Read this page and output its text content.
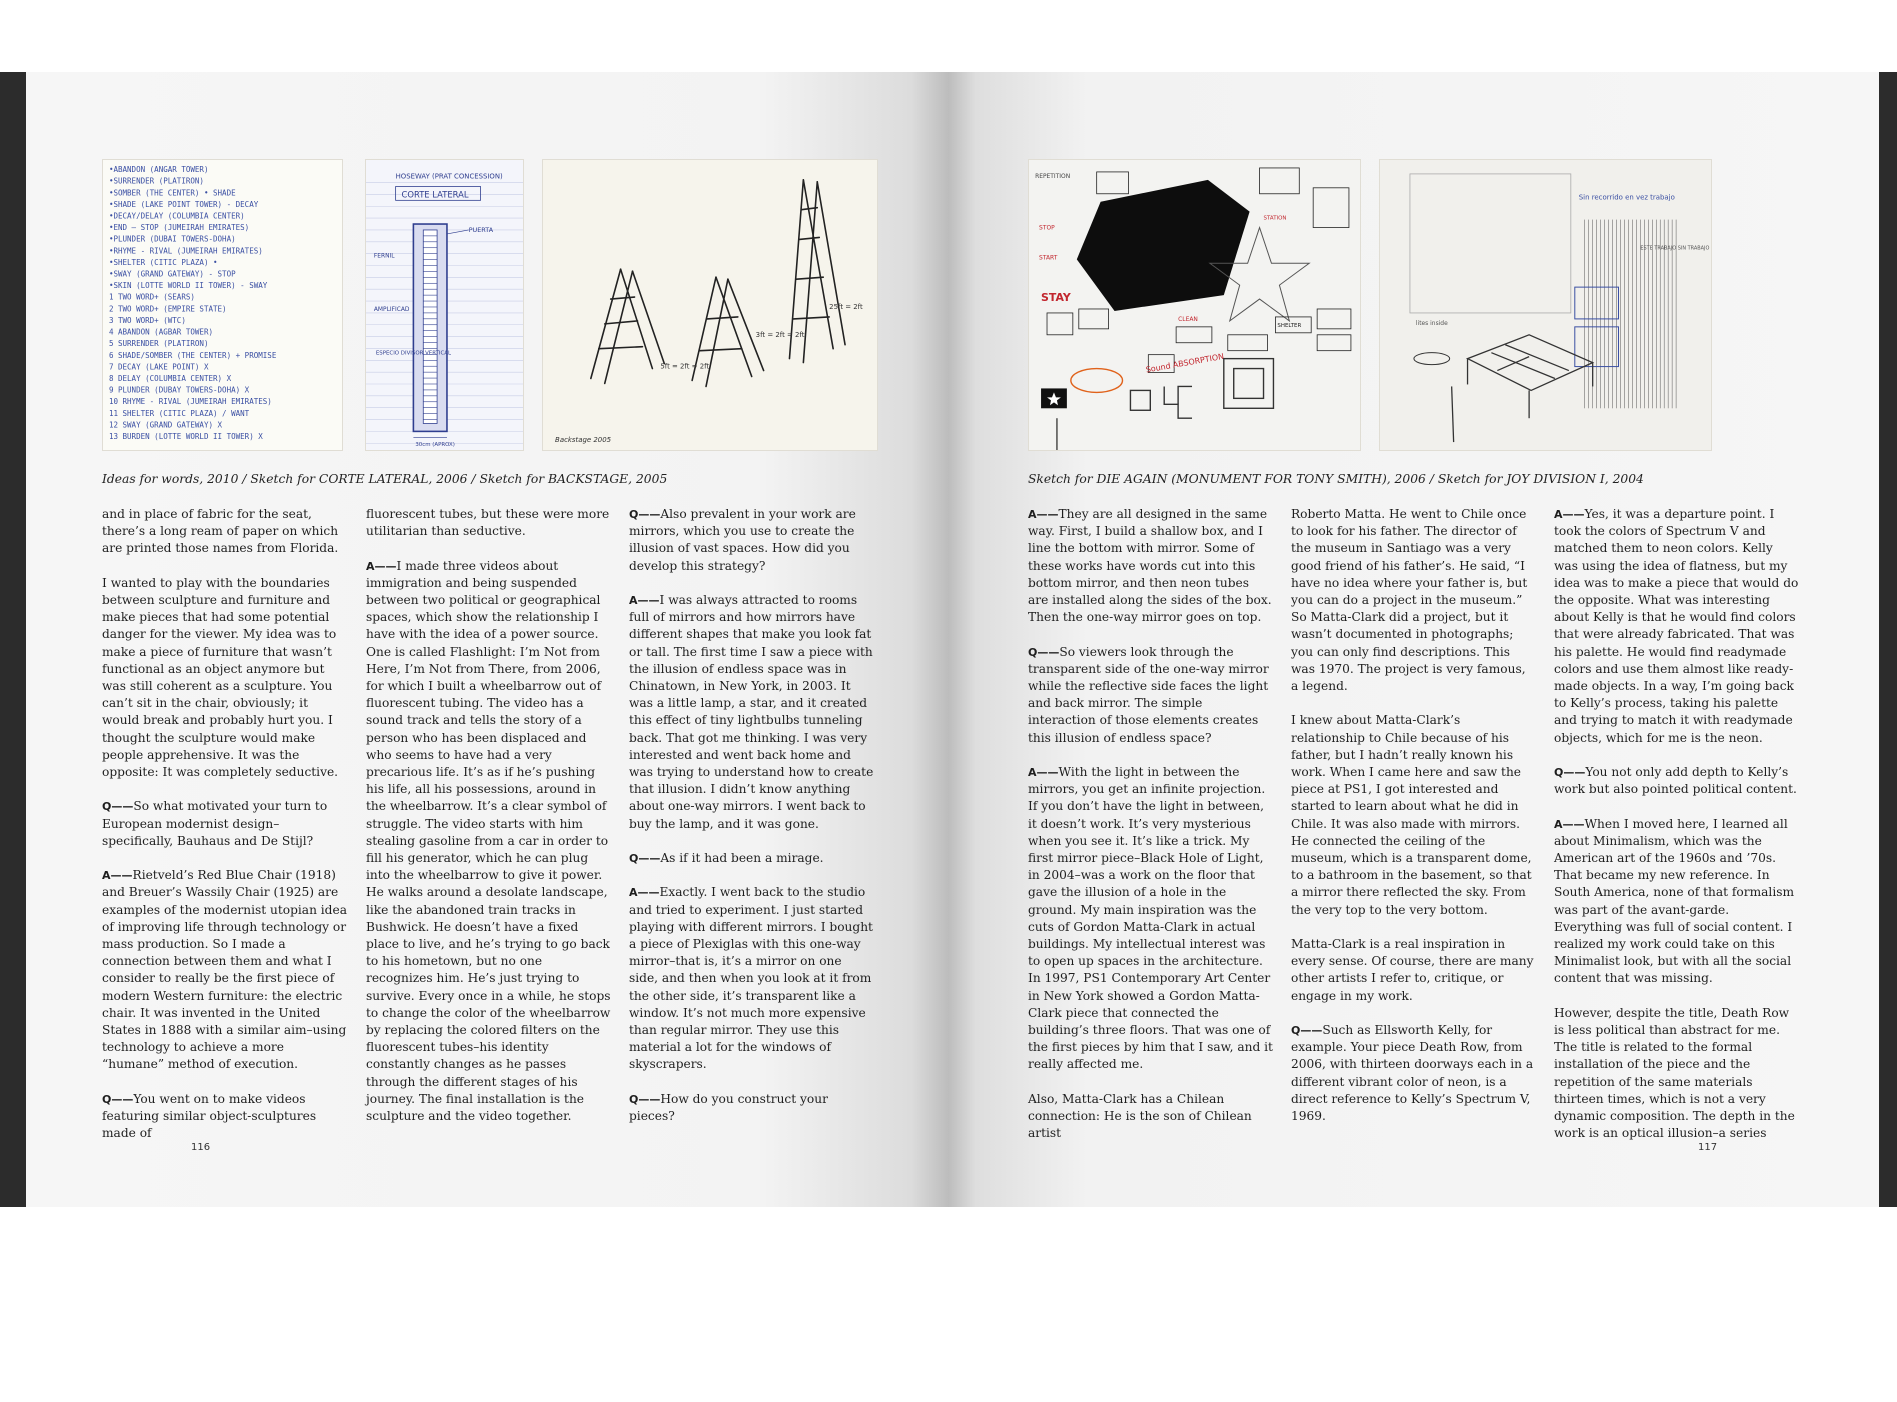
•ABANDON (ANGAR TOWER)
•SURRENDER (PLATIRON)
•SOMBER (THE CENTER) • SHADE
•SHADE (LAKE POINT TOWER) - DECAY
•DECAY/DELAY (COLUMBIA CENTER)
•END — STOP (JUMEIRAH EMIRATES)
•PLUNDER (DUBAI TOWERS-DOHA)
•RHYME - RIVAL (JUMEIRAH EMIRATES)
•SHELTER (CITIC PLAZA) •
•SWAY (GRAND GATEWAY) - STOP
•SKIN (LOTTE WORLD II TOWER) - SWAY
1 TWO WORD+ (SEARS)
2 TWO WORD+ (EMPIRE STATE)
3 TWO WORD+ (WTC)
4 ABANDON (AGBAR TOWER)
5 SURRENDER (PLATIRON)
6 SHADE/SOMBER (THE CENTER) + PROMISE
7 DECAY (LAKE POINT) X
8 DELAY (COLUMBIA CENTER) X
9 PLUNDER (DUBAY TOWERS-DOHA) X
10 RHYME - RIVAL (JUMEIRAH EMIRATES)
11 SHELTER (CITIC PLAZA) / WANT
12 SWAY (GRAND GATEWAY) X
13 BURDEN (LOTTE WORLD II TOWER) X
HOSEWAY (PRAT CONCESSION)
CORTE LATERAL
PUERTA
FERNIL
AMPLIFICAD
ESPECIO DIVISOR VERTICAL
30cm (APROX)
25ft = 2ft
3ft = 2ft = 2ft
5ft = 2ft = 2ft
Backstage 2005
Ideas for words, 2010 / Sketch for CORTE LATERAL, 2006 / Sketch for BACKSTAGE, 2005

and in place of fabric for the seat, there’s a long ream of paper on which are printed those names from Florida.

I wanted to play with the boundaries between sculpture and furniture and make pieces that had some potential danger for the viewer. My idea was to make a piece of furniture that wasn’t functional as an object anymore but was still coherent as a sculpture. You can’t sit in the chair, obviously; it would break and probably hurt you. I thought the sculpture would make people apprehensive. It was the opposite: It was completely seductive.

Q——So what motivated your turn to European modernist design–specifically, Bauhaus and De Stijl?

A——Rietveld’s Red Blue Chair (1918) and Breuer’s Wassily Chair (1925) are examples of the modernist utopian idea of improving life through technology or mass production. So I made a connection between them and what I consider to really be the first piece of modern Western furniture: the electric chair. It was invented in the United States in 1888 with a similar aim–using technology to achieve a more “humane” method of execution.

Q——You went on to make videos featuring similar object-sculptures made of

fluorescent tubes, but these were more utilitarian than seductive.

A——I made three videos about immigration and being suspended between two political or geographical spaces, which show the relationship I have with the idea of a power source. One is called Flashlight: I’m Not from Here, I’m Not from There, from 2006, for which I built a wheelbarrow out of fluorescent tubing. The video has a sound track and tells the story of a person who has been displaced and who seems to have had a very precarious life. It’s as if he’s pushing his life, all his possessions, around in the wheelbarrow. It’s a clear symbol of struggle. The video starts with him stealing gasoline from a car in order to fill his generator, which he can plug into the wheelbarrow to give it power. He walks around a desolate landscape, like the abandoned train tracks in Bushwick. He doesn’t have a fixed place to live, and he’s trying to go back to his hometown, but no one recognizes him. He’s just trying to survive. Every once in a while, he stops to change the color of the wheelbarrow by replacing the colored filters on the fluorescent tubes–his identity constantly changes as he passes through the different stages of his journey. The final installation is the sculpture and the video together.

Q——Also prevalent in your work are mirrors, which you use to create the illusion of vast spaces. How did you develop this strategy?

A——I was always attracted to rooms full of mirrors and how mirrors have different shapes that make you look fat or tall. The first time I saw a piece with the illusion of endless space was in Chinatown, in New York, in 2003. It was a little lamp, a star, and it created this effect of tiny lightbulbs tunneling back. That got me thinking. I was very interested and went back home and was trying to understand how to create that illusion. I didn’t know anything about one-way mirrors. I went back to buy the lamp, and it was gone.

Q——As if it had been a mirage.

A——Exactly. I went back to the studio and tried to experiment. I just started playing with different mirrors. I bought a piece of Plexiglas with this one-way mirror–that is, it’s a mirror on one side, and then when you look at it from the other side, it’s transparent like a window. It’s not much more expensive than regular mirror. They use this material a lot for the windows of skyscrapers.

Q——How do you construct your pieces?

116
STAY
REPETITION
STOP
START
CLEAN
SHELTER
STATION
Sound ABSORPTION
Sin recorrido en vez trabajo
lites inside
ESTE TRABAJO SIN TRABAJO
Sketch for DIE AGAIN (MONUMENT FOR TONY SMITH), 2006 / Sketch for JOY DIVISION I, 2004

A——They are all designed in the same way. First, I build a shallow box, and I line the bottom with mirror. Some of these works have words cut into this bottom mirror, and then neon tubes are installed along the sides of the box. Then the one-way mirror goes on top.

Q——So viewers look through the transparent side of the one-way mirror while the reflective side faces the light and back mirror. The simple interaction of those elements creates this illusion of endless space?

A——With the light in between the mirrors, you get an infinite projection. If you don’t have the light in between, it doesn’t work. It’s very mysterious when you see it. It’s like a trick. My first mirror piece–Black Hole of Light, in 2004–was a work on the floor that gave the illusion of a hole in the ground. My main inspiration was the cuts of Gordon Matta-Clark in actual buildings. My intellectual interest was to open up spaces in the architecture. In 1997, PS1 Contemporary Art Center in New York showed a Gordon Matta-Clark piece that connected the building’s three floors. That was one of the first pieces by him that I saw, and it really affected me.

Also, Matta-Clark has a Chilean connection: He is the son of Chilean artist

Roberto Matta. He went to Chile once to look for his father. The director of the museum in Santiago was a very good friend of his father’s. He said, “I have no idea where your father is, but you can do a project in the museum.” So Matta-Clark did a project, but it wasn’t documented in photographs; you can only find descriptions. This was 1970. The project is very famous, a legend.

I knew about Matta-Clark’s relationship to Chile because of his father, but I hadn’t really known his work. When I came here and saw the piece at PS1, I got interested and started to learn about what he did in Chile. It was also made with mirrors. He connected the ceiling of the museum, which is a transparent dome, to a bathroom in the basement, so that a mirror there reflected the sky. From the very top to the very bottom.

Matta-Clark is a real inspiration in every sense. Of course, there are many other artists I refer to, critique, or engage in my work.

Q——Such as Ellsworth Kelly, for example. Your piece Death Row, from 2006, with thirteen doorways each in a different vibrant color of neon, is a direct reference to Kelly’s Spectrum V, 1969.

A——Yes, it was a departure point. I took the colors of Spectrum V and matched them to neon colors. Kelly was using the idea of flatness, but my idea was to make a piece that would do the opposite. What was interesting about Kelly is that he would find colors that were already fabricated. That was his palette. He would find readymade colors and use them almost like ready-made objects. In a way, I’m going back to Kelly’s process, taking his palette and trying to match it with readymade objects, which for me is the neon.

Q——You not only add depth to Kelly’s work but also pointed political content.

A——When I moved here, I learned all about Minimalism, which was the American art of the 1960s and ’70s. That became my new reference. In South America, none of that formalism was part of the avant-garde. Everything was full of social content. I realized my work could take on this Minimalist look, but with all the social content that was missing.

However, despite the title, Death Row is less political than abstract for me. The title is related to the formal installation of the piece and the repetition of the same materials thirteen times, which is not a very dynamic composition. The depth in the work is an optical illusion–a series

117
